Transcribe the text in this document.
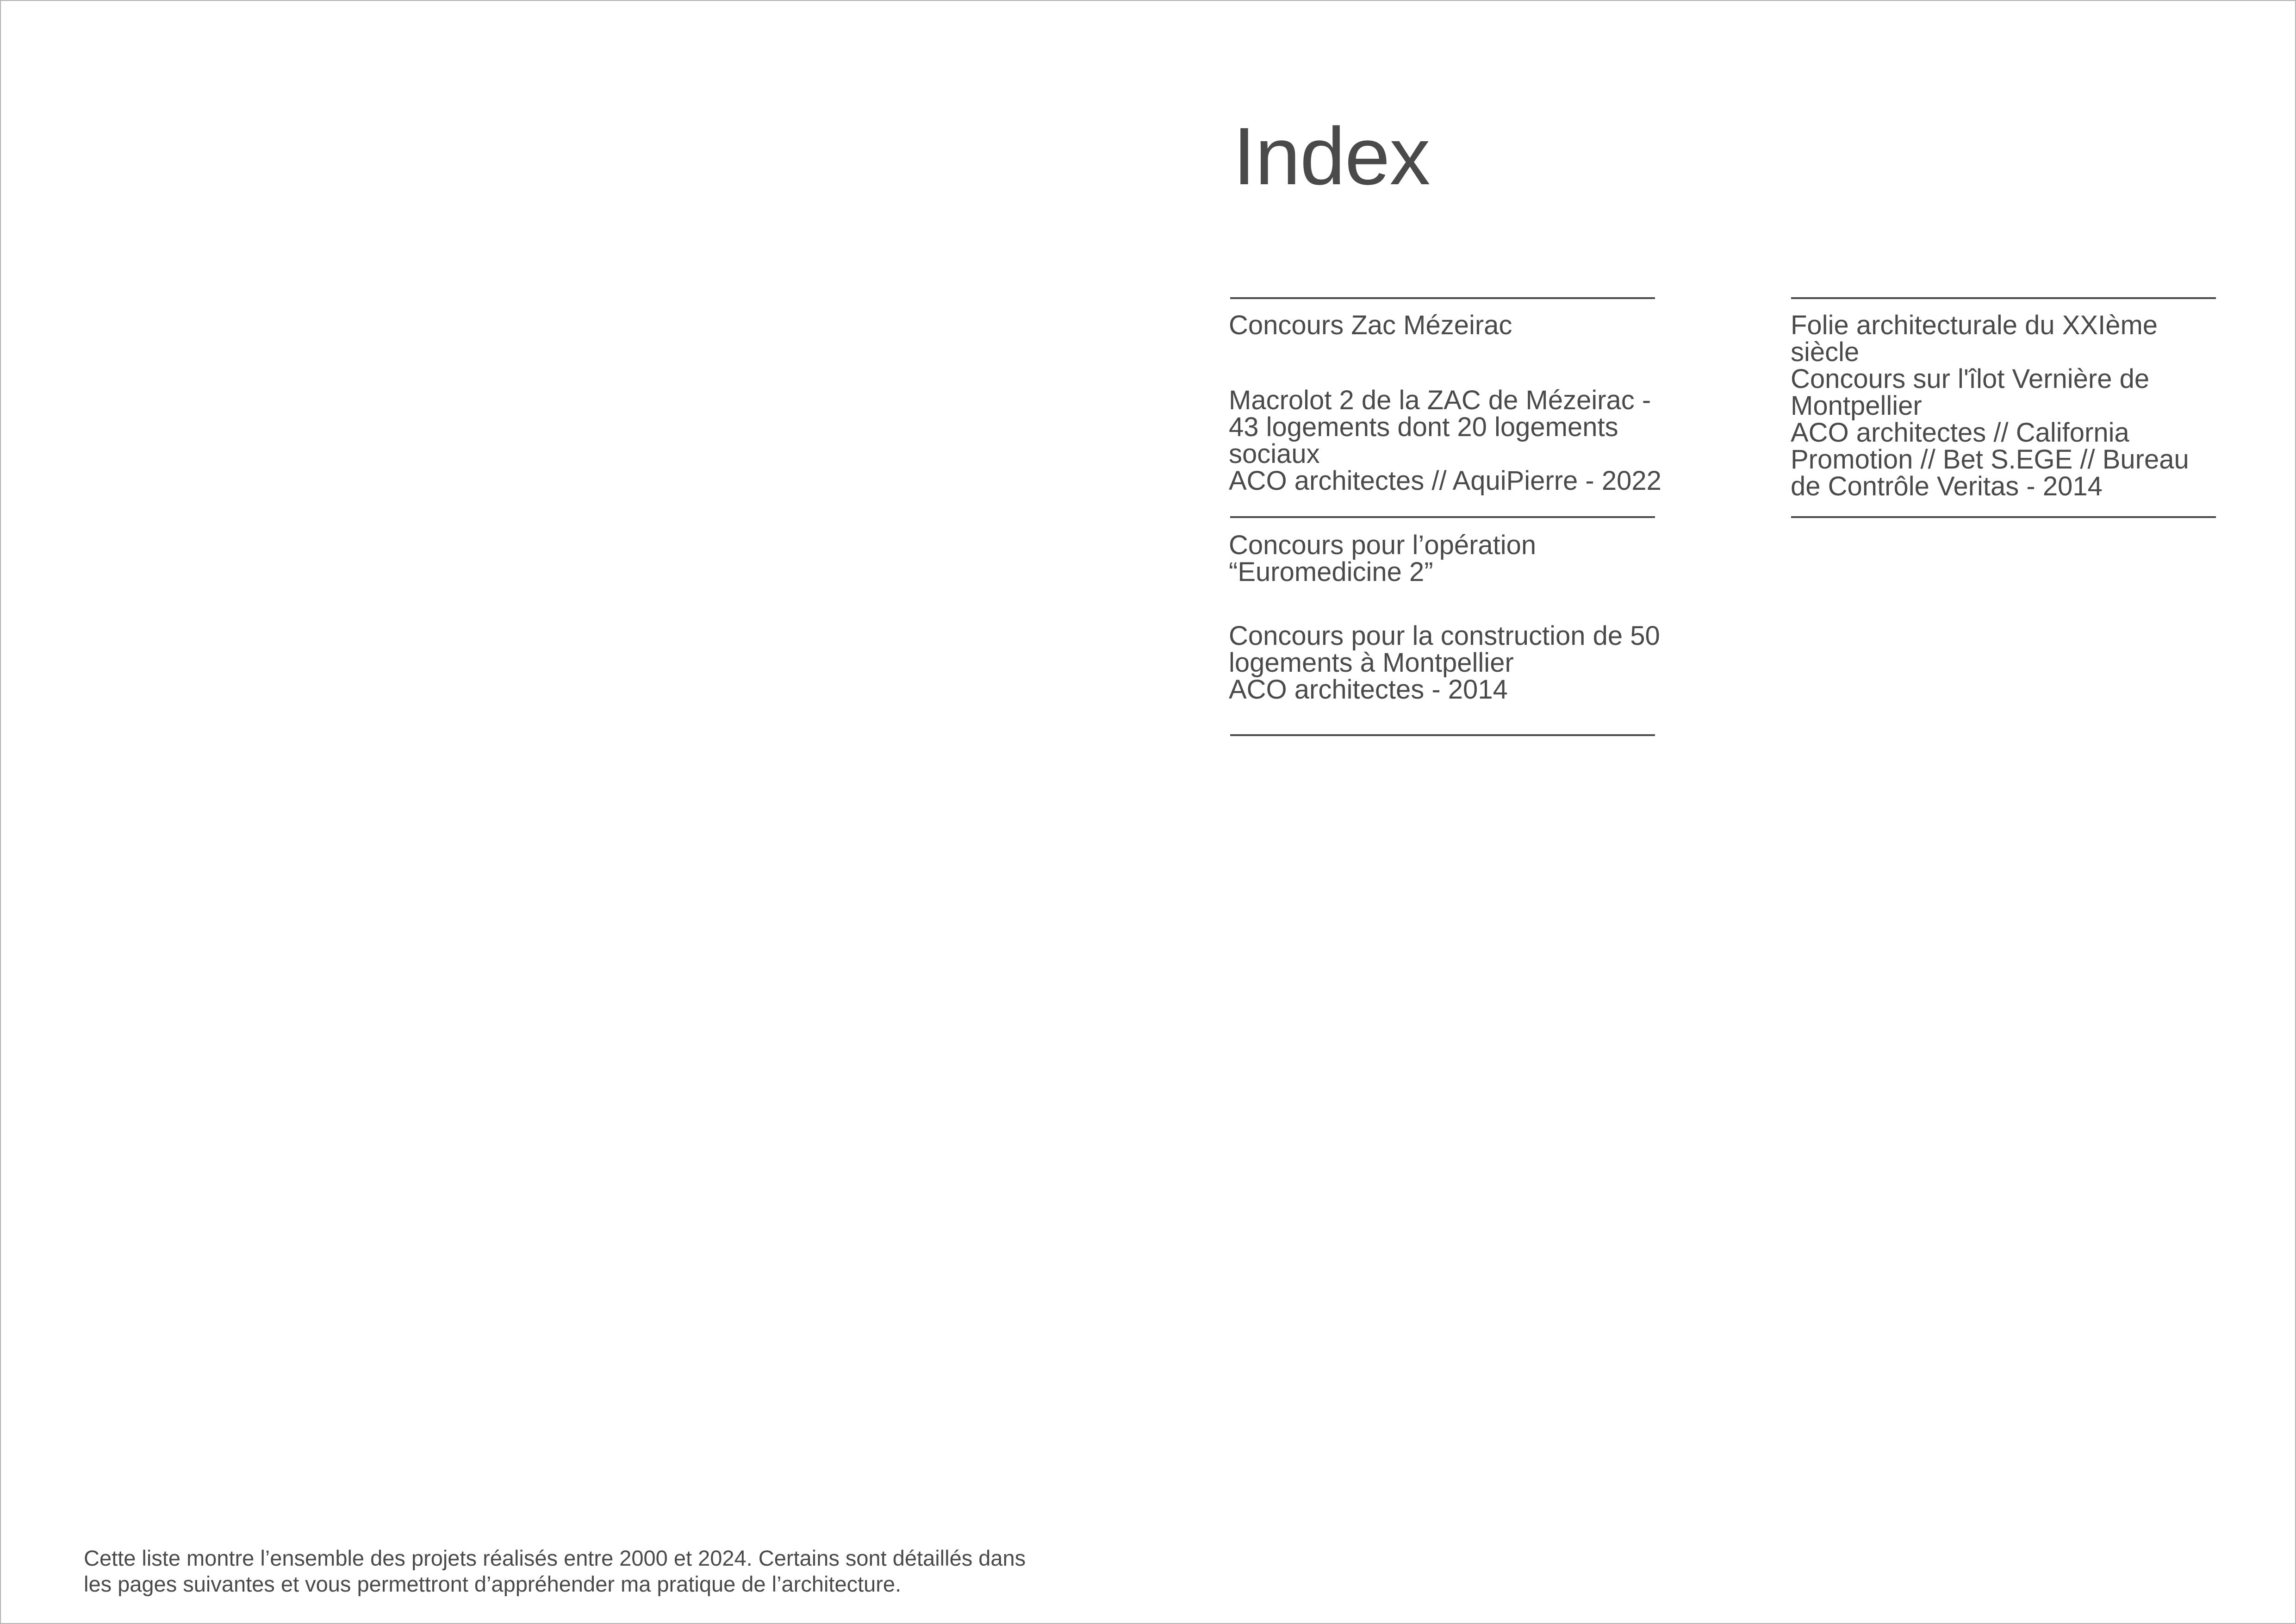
Index

Concours Zac Mézeirac

Macrolot 2 de la ZAC de Mézeirac -
43 logements dont 20 logements
sociaux
ACO architectes // AquiPierre - 2022

Concours pour l’opération
“Euromedicine 2”

Concours pour la construction de 50
logements à Montpellier
ACO architectes - 2014

Folie architecturale du XXIème
siècle
Concours sur l'îlot Vernière de
Montpellier
ACO architectes // California
Promotion // Bet S.EGE // Bureau
de Contrôle Veritas - 2014

Cette liste montre l’ensemble des projets réalisés entre 2000 et 2024. Certains sont détaillés dans
les pages suivantes et vous permettront d’appréhender ma pratique de l’architecture.
